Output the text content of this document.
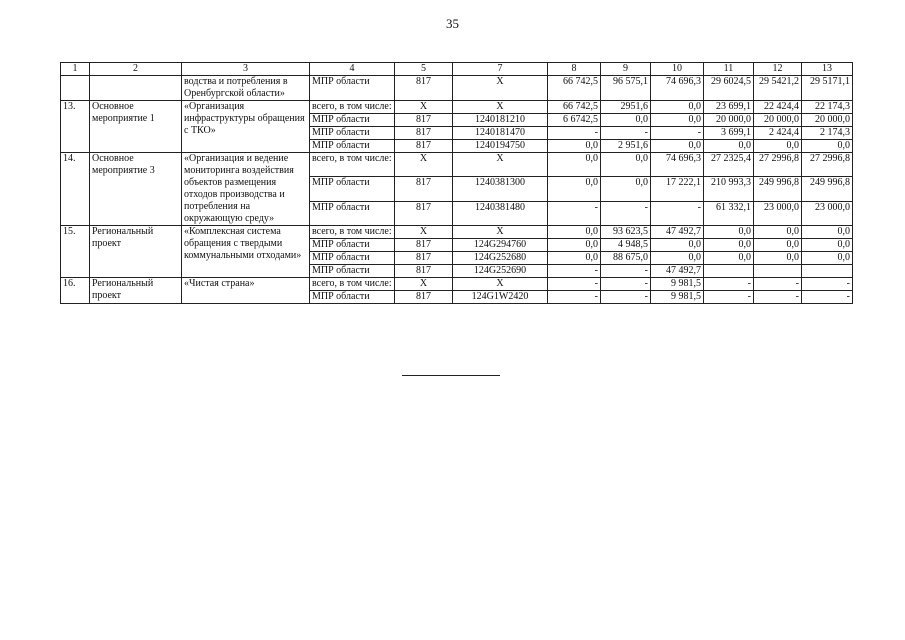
35
1	2	3	4	5	7	8	9	10	11	12	13
		водства и потребления в Оренбургской области»	МПР области	817	Х	66 742,5	96 575,1	74 696,3	29 6024,5	29 5421,2	29 5171,1
13.	Основное мероприятие 1	«Организация инфраструктуры обращения с ТКО»	всего, в том числе:	Х	Х	66 742,5	2951,6	0,0	23 699,1	22 424,4	22 174,3
			МПР области	817	1240181210	6 6742,5	0,0	0,0	20 000,0	20 000,0	20 000,0
			МПР области	817	1240181470	-	-	-	3 699,1	2 424,4	2 174,3
			МПР области	817	1240194750	0,0	2 951,6	0,0	0,0	0,0	0,0
14.	Основное мероприятие 3	«Организация и ведение мониторинга воздействия объектов размещения отходов производства и потребления на окружающую среду»	всего, в том числе:	Х	Х	0,0	0,0	74 696,3	27 2325,4	27 2996,8	27 2996,8
			МПР области	817	1240381300	0,0	0,0	17 222,1	210 993,3	249 996,8	249 996,8
			МПР области	817	1240381480	-	-	-	61 332,1	23 000,0	23 000,0
15.	Региональный проект	«Комплексная система обращения с твердыми коммунальными отходами»	всего, в том числе:	Х	Х	0,0	93 623,5	47 492,7	0,0	0,0	0,0
			МПР области	817	124G294760	0,0	4 948,5	0,0	0,0	0,0	0,0
			МПР области	817	124G252680	0,0	88 675,0	0,0	0,0	0,0	0,0
			МПР области	817	124G252690	-	-	47 492,7			
16.	Региональный проект	«Чистая страна»	всего, в том числе:	Х	Х	-	-	9 981,5	-	-	-
			МПР области	817	124G1W2420	-	-	9 981,5	-	-	-
